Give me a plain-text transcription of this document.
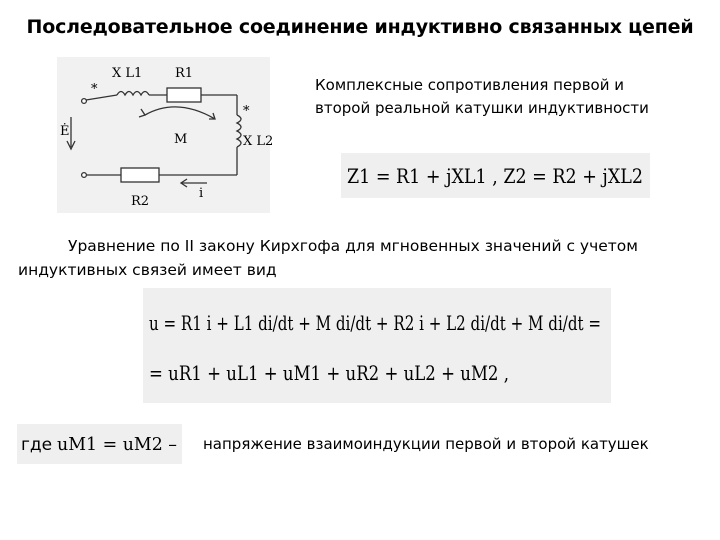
Последовательное соединение индуктивно связанных цепей
X L1	R1
*
*
Ė
M	X L2
R2
i
Комплексные сопротивления первой и
второй реальной катушки индуктивности
Z1 = R1 + jXL1 , Z2 = R2 + jXL2
Уравнение по II закону Кирхгофа для мгновенных значений с учетом
индуктивных связей имеет вид
u = R1 i + L1 di/dt + M di/dt + R2 i + L2 di/dt + M di/dt =
= uR1 + uL1 + uM1 + uR2 + uL2 + uM2 ,
где uM1 = uM2 – напряжение взаимоиндукции первой и второй катушек
